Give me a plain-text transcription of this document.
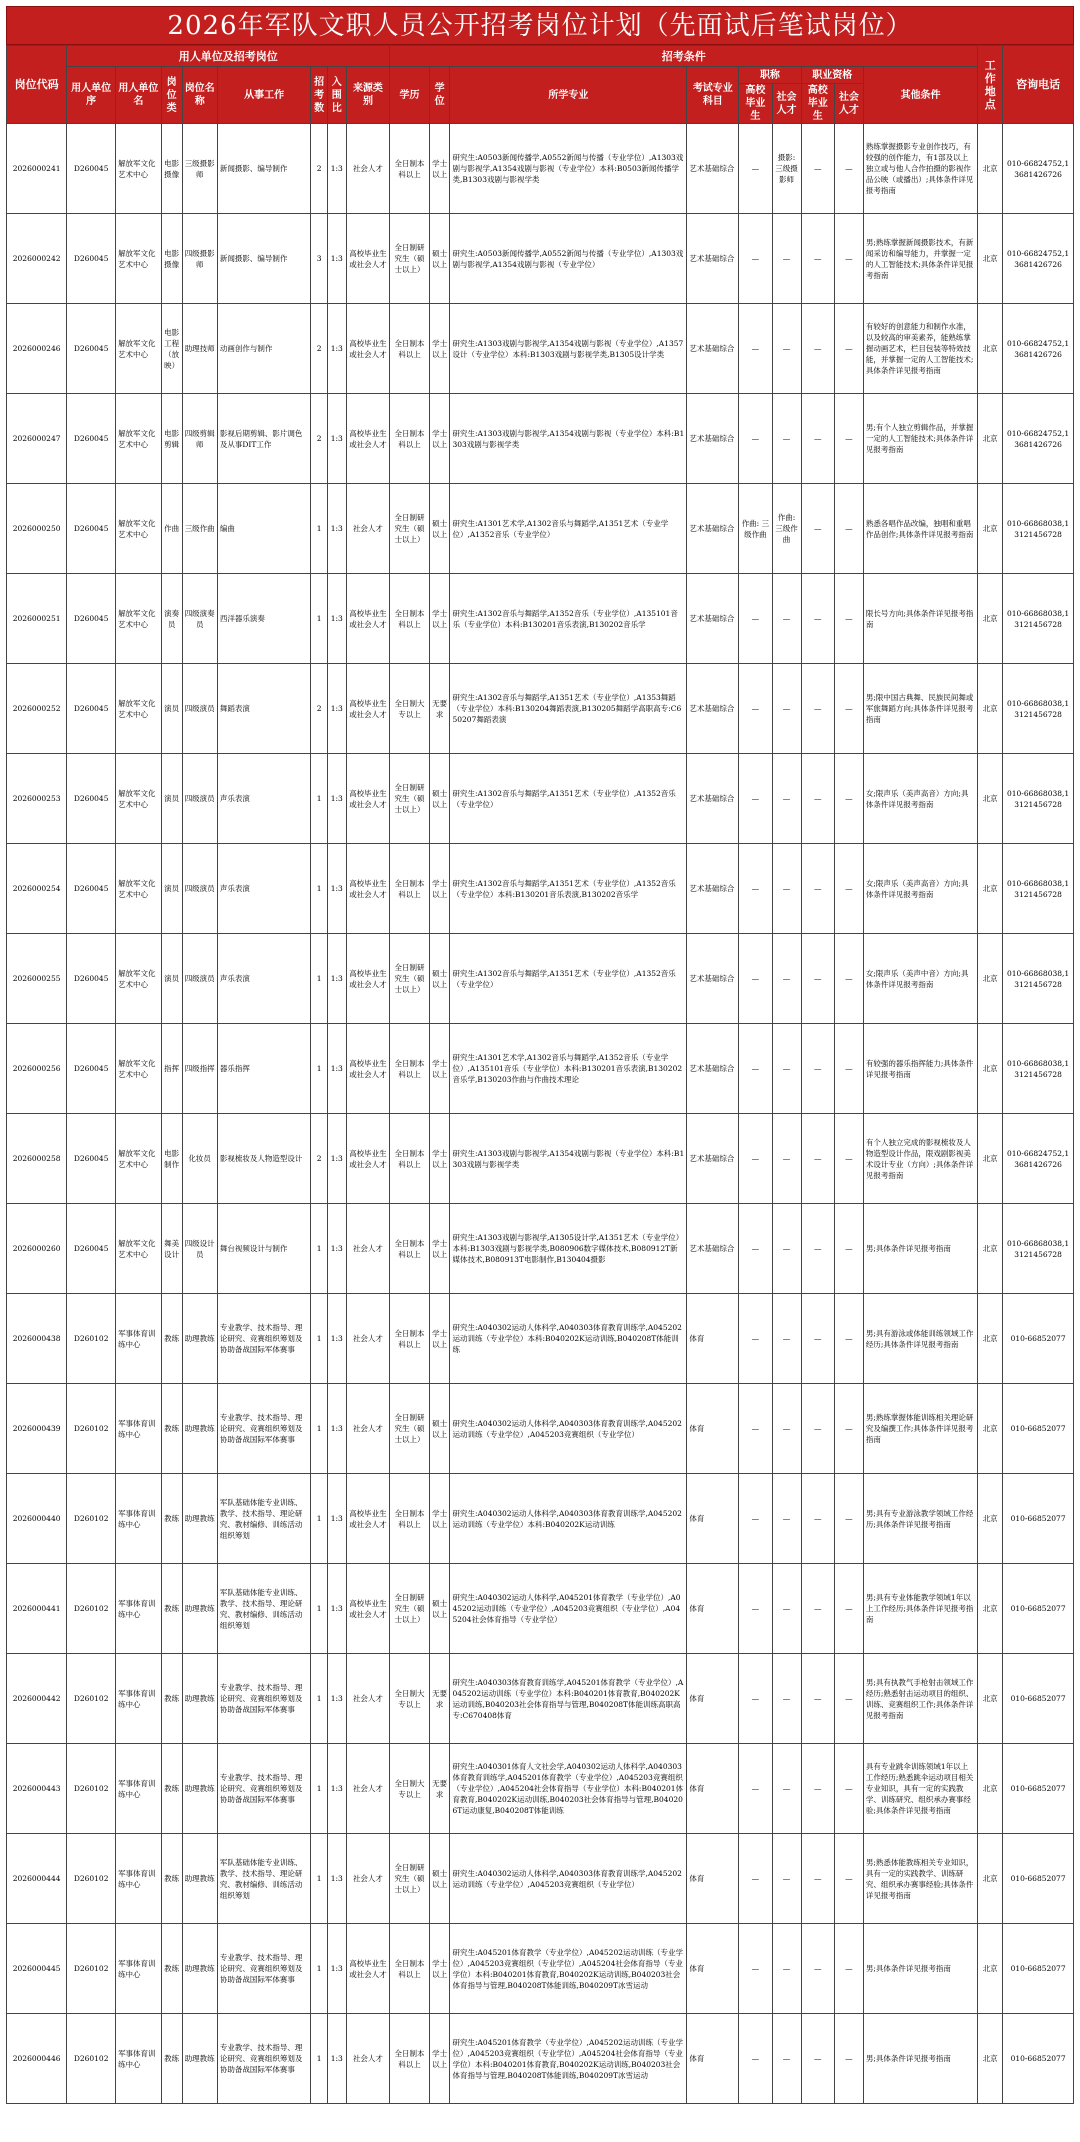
2026年军队文职人员公开招考岗位计划（先面试后笔试岗位）
岗位代码	用人单位及招考岗位								招考条件									工作地点	咨询电话
	用人单位序	用人单位名	岗位类	岗位名称	从事工作	招考数	入围比	来源类别	学历	学位	所学专业	考试专业科目	职称		职业资格		其他条件		
													高校毕业生	社会人才	高校毕业生	社会人才			
2026000241	D260045	解放军文化艺术中心	电影摄像	三级摄影师	新闻摄影、编导制作	2	1:3	社会人才	全日制本科以上	学士以上	研究生:A0503新闻传播学,A0552新闻与传播（专业学位）,A1303戏剧与影视学,A1354戏剧与影视（专业学位）本科:B0503新闻传播学类,B1303戏剧与影视学类	艺术基础综合	—	摄影: 三级摄影师	—	—	熟练掌握摄影专业创作技巧，有较强的创作能力，有1部及以上独立或与他人合作拍摄的影视作品公映（或播出）;具体条件详见报考指南	北京	010-66824752,13681426726
2026000242	D260045	解放军文化艺术中心	电影摄像	四级摄影师	新闻摄影、编导制作	3	1:3	高校毕业生或社会人才	全日制研究生（硕士以上）	硕士以上	研究生:A0503新闻传播学,A0552新闻与传播（专业学位）,A1303戏剧与影视学,A1354戏剧与影视（专业学位）	艺术基础综合	—	—	—	—	男;熟练掌握新闻摄影技术，有新闻采访和编导能力，并掌握一定的人工智能技术;具体条件详见报考指南	北京	010-66824752,13681426726
2026000246	D260045	解放军文化艺术中心	电影工程（放映）	助理技师	动画创作与制作	2	1:3	高校毕业生或社会人才	全日制本科以上	学士以上	研究生:A1303戏剧与影视学,A1354戏剧与影视（专业学位）,A1357设计（专业学位）本科:B1303戏剧与影视学类,B1305设计学类	艺术基础综合	—	—	—	—	有较好的创意能力和制作水准，以及较高的审美素养，能熟练掌握动画艺术，栏目包装等特效技能，并掌握一定的人工智能技术;具体条件详见报考指南	北京	010-66824752,13681426726
2026000247	D260045	解放军文化艺术中心	电影剪辑	四级剪辑师	影视后期剪辑、影片调色及从事DIT工作	2	1:3	高校毕业生或社会人才	全日制本科以上	学士以上	研究生:A1303戏剧与影视学,A1354戏剧与影视（专业学位）本科:B1303戏剧与影视学类	艺术基础综合	—	—	—	—	男;有个人独立剪辑作品，并掌握一定的人工智能技术;具体条件详见报考指南	北京	010-66824752,13681426726
2026000250	D260045	解放军文化艺术中心	作曲	三级作曲	编曲	1	1:3	社会人才	全日制研究生（硕士以上）	硕士以上	研究生:A1301艺术学,A1302音乐与舞蹈学,A1351艺术（专业学位）,A1352音乐（专业学位）	艺术基础综合	作曲: 三级作曲	作曲: 三级作曲	—	—	熟悉各唱作品改编，独唱和重唱作品创作;具体条件详见报考指南	北京	010-66868038,13121456728
2026000251	D260045	解放军文化艺术中心	演奏员	四级演奏员	西洋器乐演奏	1	1:3	高校毕业生或社会人才	全日制本科以上	学士以上	研究生:A1302音乐与舞蹈学,A1352音乐（专业学位）,A135101音乐（专业学位）本科:B130201音乐表演,B130202音乐学	艺术基础综合	—	—	—	—	限长号方向;具体条件详见报考指南	北京	010-66868038,13121456728
2026000252	D260045	解放军文化艺术中心	演员	四级演员	舞蹈表演	2	1:3	高校毕业生或社会人才	全日制大专以上	无要求	研究生:A1302音乐与舞蹈学,A1351艺术（专业学位）,A1353舞蹈（专业学位）本科:B130204舞蹈表演,B130205舞蹈学高职高专:C650207舞蹈表演	艺术基础综合	—	—	—	—	男;限中国古典舞、民族民间舞或军旅舞蹈方向;具体条件详见报考指南	北京	010-66868038,13121456728
2026000253	D260045	解放军文化艺术中心	演员	四级演员	声乐表演	1	1:3	高校毕业生或社会人才	全日制研究生（硕士以上）	硕士以上	研究生:A1302音乐与舞蹈学,A1351艺术（专业学位）,A1352音乐（专业学位）	艺术基础综合	—	—	—	—	女;限声乐（美声高音）方向;具体条件详见报考指南	北京	010-66868038,13121456728
2026000254	D260045	解放军文化艺术中心	演员	四级演员	声乐表演	1	1:3	高校毕业生或社会人才	全日制本科以上	学士以上	研究生:A1302音乐与舞蹈学,A1351艺术（专业学位）,A1352音乐（专业学位）本科:B130201音乐表演,B130202音乐学	艺术基础综合	—	—	—	—	女;限声乐（美声高音）方向;具体条件详见报考指南	北京	010-66868038,13121456728
2026000255	D260045	解放军文化艺术中心	演员	四级演员	声乐表演	1	1:3	高校毕业生或社会人才	全日制研究生（硕士以上）	硕士以上	研究生:A1302音乐与舞蹈学,A1351艺术（专业学位）,A1352音乐（专业学位）	艺术基础综合	—	—	—	—	女;限声乐（美声中音）方向;具体条件详见报考指南	北京	010-66868038,13121456728
2026000256	D260045	解放军文化艺术中心	指挥	四级指挥	器乐指挥	1	1:3	高校毕业生或社会人才	全日制本科以上	学士以上	研究生:A1301艺术学,A1302音乐与舞蹈学,A1352音乐（专业学位）,A135101音乐（专业学位）本科:B130201音乐表演,B130202音乐学,B130203作曲与作曲技术理论	艺术基础综合	—	—	—	—	有较强的器乐指挥能力;具体条件详见报考指南	北京	010-66868038,13121456728
2026000258	D260045	解放军文化艺术中心	电影制作	化妆员	影视梳妆及人物造型设计	2	1:3	高校毕业生或社会人才	全日制本科以上	学士以上	研究生:A1303戏剧与影视学,A1354戏剧与影视（专业学位）本科:B1303戏剧与影视学类	艺术基础综合	—	—	—	—	有个人独立完成的影视梳妆及人物造型设计作品，限戏剧影视美术设计专业（方向）;具体条件详见报考指南	北京	010-66824752,13681426726
2026000260	D260045	解放军文化艺术中心	舞美设计	四级设计员	舞台视频设计与制作	1	1:3	社会人才	全日制本科以上	学士以上	研究生:A1303戏剧与影视学,A1305设计学,A1351艺术（专业学位）本科:B1303戏剧与影视学类,B080906数字媒体技术,B080912T新媒体技术,B080913T电影制作,B130404摄影	艺术基础综合	—	—	—	—	男;具体条件详见报考指南	北京	010-66868038,13121456728
2026000438	D260102	军事体育训练中心	教练	助理教练	专业教学、技术指导、理论研究、竞赛组织筹划及协助备战国际军体赛事	1	1:3	社会人才	全日制本科以上	学士以上	研究生:A040302运动人体科学,A040303体育教育训练学,A045202运动训练（专业学位）本科:B040202K运动训练,B040208T体能训练	体育	—	—	—	—	男;具有游泳或体能训练领域工作经历;具体条件详见报考指南	北京	010-66852077
2026000439	D260102	军事体育训练中心	教练	助理教练	专业教学、技术指导、理论研究、竞赛组织筹划及协助备战国际军体赛事	1	1:3	社会人才	全日制研究生（硕士以上）	硕士以上	研究生:A040302运动人体科学,A040303体育教育训练学,A045202运动训练（专业学位）,A045203竞赛组织（专业学位）	体育	—	—	—	—	男;熟练掌握体能训练相关理论研究及编撰工作;具体条件详见报考指南	北京	010-66852077
2026000440	D260102	军事体育训练中心	教练	助理教练	军队基础体能专业训练、教学、技术指导、理论研究、教材编修、训练活动组织筹划	1	1:3	高校毕业生或社会人才	全日制本科以上	学士以上	研究生:A040302运动人体科学,A040303体育教育训练学,A045202运动训练（专业学位）本科:B040202K运动训练	体育	—	—	—	—	男;具有专业游泳教学领域工作经历;具体条件详见报考指南	北京	010-66852077
2026000441	D260102	军事体育训练中心	教练	助理教练	军队基础体能专业训练、教学、技术指导、理论研究、教材编修、训练活动组织筹划	1	1:3	高校毕业生或社会人才	全日制研究生（硕士以上）	硕士以上	研究生:A040302运动人体科学,A045201体育教学（专业学位）,A045202运动训练（专业学位）,A045203竞赛组织（专业学位）,A045204社会体育指导（专业学位）	体育	—	—	—	—	男;具有专业体能教学领域1年以上工作经历;具体条件详见报考指南	北京	010-66852077
2026000442	D260102	军事体育训练中心	教练	助理教练	专业教学、技术指导、理论研究、竞赛组织筹划及协助备战国际军体赛事	1	1:3	社会人才	全日制大专以上	无要求	研究生:A040303体育教育训练学,A045201体育教学（专业学位）,A045202运动训练（专业学位）本科:B040201体育教育,B040202K运动训练,B040203社会体育指导与管理,B040208T体能训练高职高专:C670408体育	体育	—	—	—	—	男;具有执教气手枪射击领域工作经历;熟悉射击运动项目的组织、训练、竞赛组织工作;具体条件详见报考指南	北京	010-66852077
2026000443	D260102	军事体育训练中心	教练	助理教练	专业教学、技术指导、理论研究、竞赛组织筹划及协助备战国际军体赛事	1	1:3	社会人才	全日制大专以上	无要求	研究生:A040301体育人文社会学,A040302运动人体科学,A040303体育教育训练学,A045201体育教学（专业学位）,A045203竞赛组织（专业学位）,A045204社会体育指导（专业学位）本科:B040201体育教育,B040202K运动训练,B040203社会体育指导与管理,B040206T运动康复,B040208T体能训练	体育	—	—	—	—	具有专业跳伞训练领域1年以上工作经历;熟悉跳伞运动项目相关专业知识，具有一定的实践教学、训练研究、组织承办赛事经验;具体条件详见报考指南	北京	010-66852077
2026000444	D260102	军事体育训练中心	教练	助理教练	军队基础体能专业训练、教学、技术指导、理论研究、教材编修、训练活动组织筹划	1	1:3	社会人才	全日制研究生（硕士以上）	硕士以上	研究生:A040302运动人体科学,A040303体育教育训练学,A045202运动训练（专业学位）,A045203竞赛组织（专业学位）	体育	—	—	—	—	男;熟悉体能教练相关专业知识，具有一定的实践教学、训练研究、组织承办赛事经验;具体条件详见报考指南	北京	010-66852077
2026000445	D260102	军事体育训练中心	教练	助理教练	专业教学、技术指导、理论研究、竞赛组织筹划及协助备战国际军体赛事	1	1:3	高校毕业生或社会人才	全日制本科以上	学士以上	研究生:A045201体育教学（专业学位）,A045202运动训练（专业学位）,A045203竞赛组织（专业学位）,A045204社会体育指导（专业学位）本科:B040201体育教育,B040202K运动训练,B040203社会体育指导与管理,B040208T体能训练,B040209T冰雪运动	体育	—	—	—	—	男;具体条件详见报考指南	北京	010-66852077
2026000446	D260102	军事体育训练中心	教练	助理教练	专业教学、技术指导、理论研究、竞赛组织筹划及协助备战国际军体赛事	1	1:3	社会人才	全日制本科以上	学士以上	研究生:A045201体育教学（专业学位）,A045202运动训练（专业学位）,A045203竞赛组织（专业学位）,A045204社会体育指导（专业学位）本科:B040201体育教育,B040202K运动训练,B040203社会体育指导与管理,B040208T体能训练,B040209T冰雪运动	体育	—	—	—	—	男;具体条件详见报考指南	北京	010-66852077
